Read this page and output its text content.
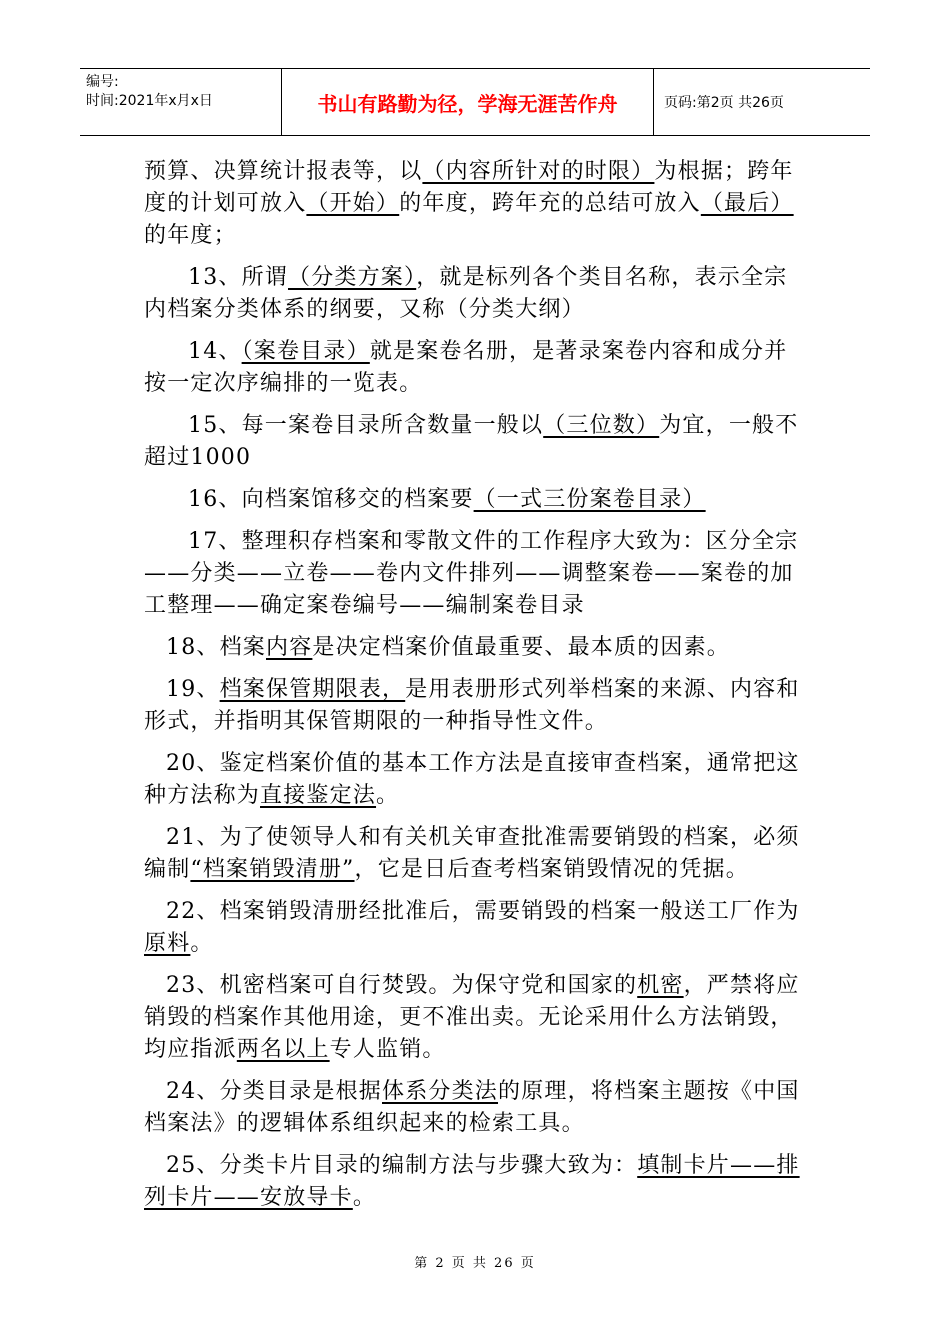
编号:
时间:2021年x月x日	书山有路勤为径，学海无涯苦作舟	页码:第2页 共26页

预算、决算统计报表等，以（内容所针对的时限）为根据；跨年度的计划可放入（开始）的年度，跨年充的总结可放入（最后）的年度；

13、所谓（分类方案），就是标列各个类目名称，表示全宗内档案分类体系的纲要，又称（分类大纲）

14、（案卷目录）就是案卷名册，是著录案卷内容和成分并按一定次序编排的一览表。

15、每一案卷目录所含数量一般以（三位数）为宜，一般不超过1000

16、向档案馆移交的档案要（一式三份案卷目录）

17、整理积存档案和零散文件的工作程序大致为：区分全宗——分类——立卷——卷内文件排列——调整案卷——案卷的加工整理——确定案卷编号——编制案卷目录

18、档案内容是决定档案价值最重要、最本质的因素。

19、档案保管期限表，是用表册形式列举档案的来源、内容和形式，并指明其保管期限的一种指导性文件。

20、鉴定档案价值的基本工作方法是直接审查档案，通常把这种方法称为直接鉴定法。

21、为了使领导人和有关机关审查批准需要销毁的档案，必须编制“档案销毁清册”，它是日后查考档案销毁情况的凭据。

22、档案销毁清册经批准后，需要销毁的档案一般送工厂作为原料。

23、机密档案可自行焚毁。为保守党和国家的机密，严禁将应销毁的档案作其他用途，更不准出卖。无论采用什么方法销毁，均应指派两名以上专人监销。

24、分类目录是根据体系分类法的原理，将档案主题按《中国档案法》的逻辑体系组织起来的检索工具。

25、分类卡片目录的编制方法与步骤大致为：填制卡片——排列卡片——安放导卡。

第 2 页 共 26 页
